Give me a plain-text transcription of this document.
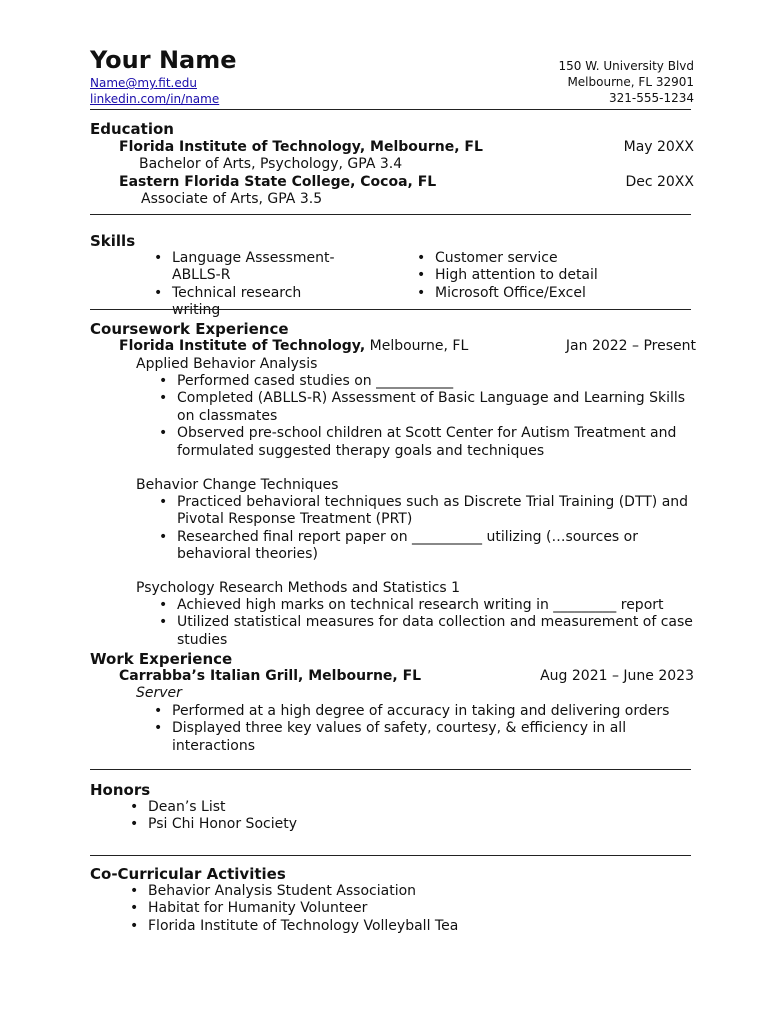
Your Name
Name@my.fit.edu
linkedin.com/in/name
150 W. University Blvd
Melbourne, FL 32901
321-555-1234
Education
Florida Institute of Technology, Melbourne, FL	May 20XX
Bachelor of Arts, Psychology, GPA 3.4
Eastern Florida State College, Cocoa, FL	Dec 20XX
Associate of Arts, GPA 3.5
Skills
• Language Assessment- ABLLS-R
• Technical research writing
• Customer service
• High attention to detail
• Microsoft Office/Excel
Coursework Experience
Florida Institute of Technology, Melbourne, FL	Jan 2022 – Present
Applied Behavior Analysis
• Performed cased studies on ___________
• Completed (ABLLS-R) Assessment of Basic Language and Learning Skills on classmates
• Observed pre-school children at Scott Center for Autism Treatment and formulated suggested therapy goals and techniques
Behavior Change Techniques
• Practiced behavioral techniques such as Discrete Trial Training (DTT) and Pivotal Response Treatment (PRT)
• Researched final report paper on __________ utilizing (…sources or behavioral theories)
Psychology Research Methods and Statistics 1
• Achieved high marks on technical research writing in _________ report
• Utilized statistical measures for data collection and measurement of case studies
Work Experience
Carrabba’s Italian Grill, Melbourne, FL	Aug 2021 – June 2023
Server
• Performed at a high degree of accuracy in taking and delivering orders
• Displayed three key values of safety, courtesy, & efficiency in all interactions
Honors
• Dean’s List
• Psi Chi Honor Society
Co-Curricular Activities
• Behavior Analysis Student Association
• Habitat for Humanity Volunteer
• Florida Institute of Technology Volleyball Tea
